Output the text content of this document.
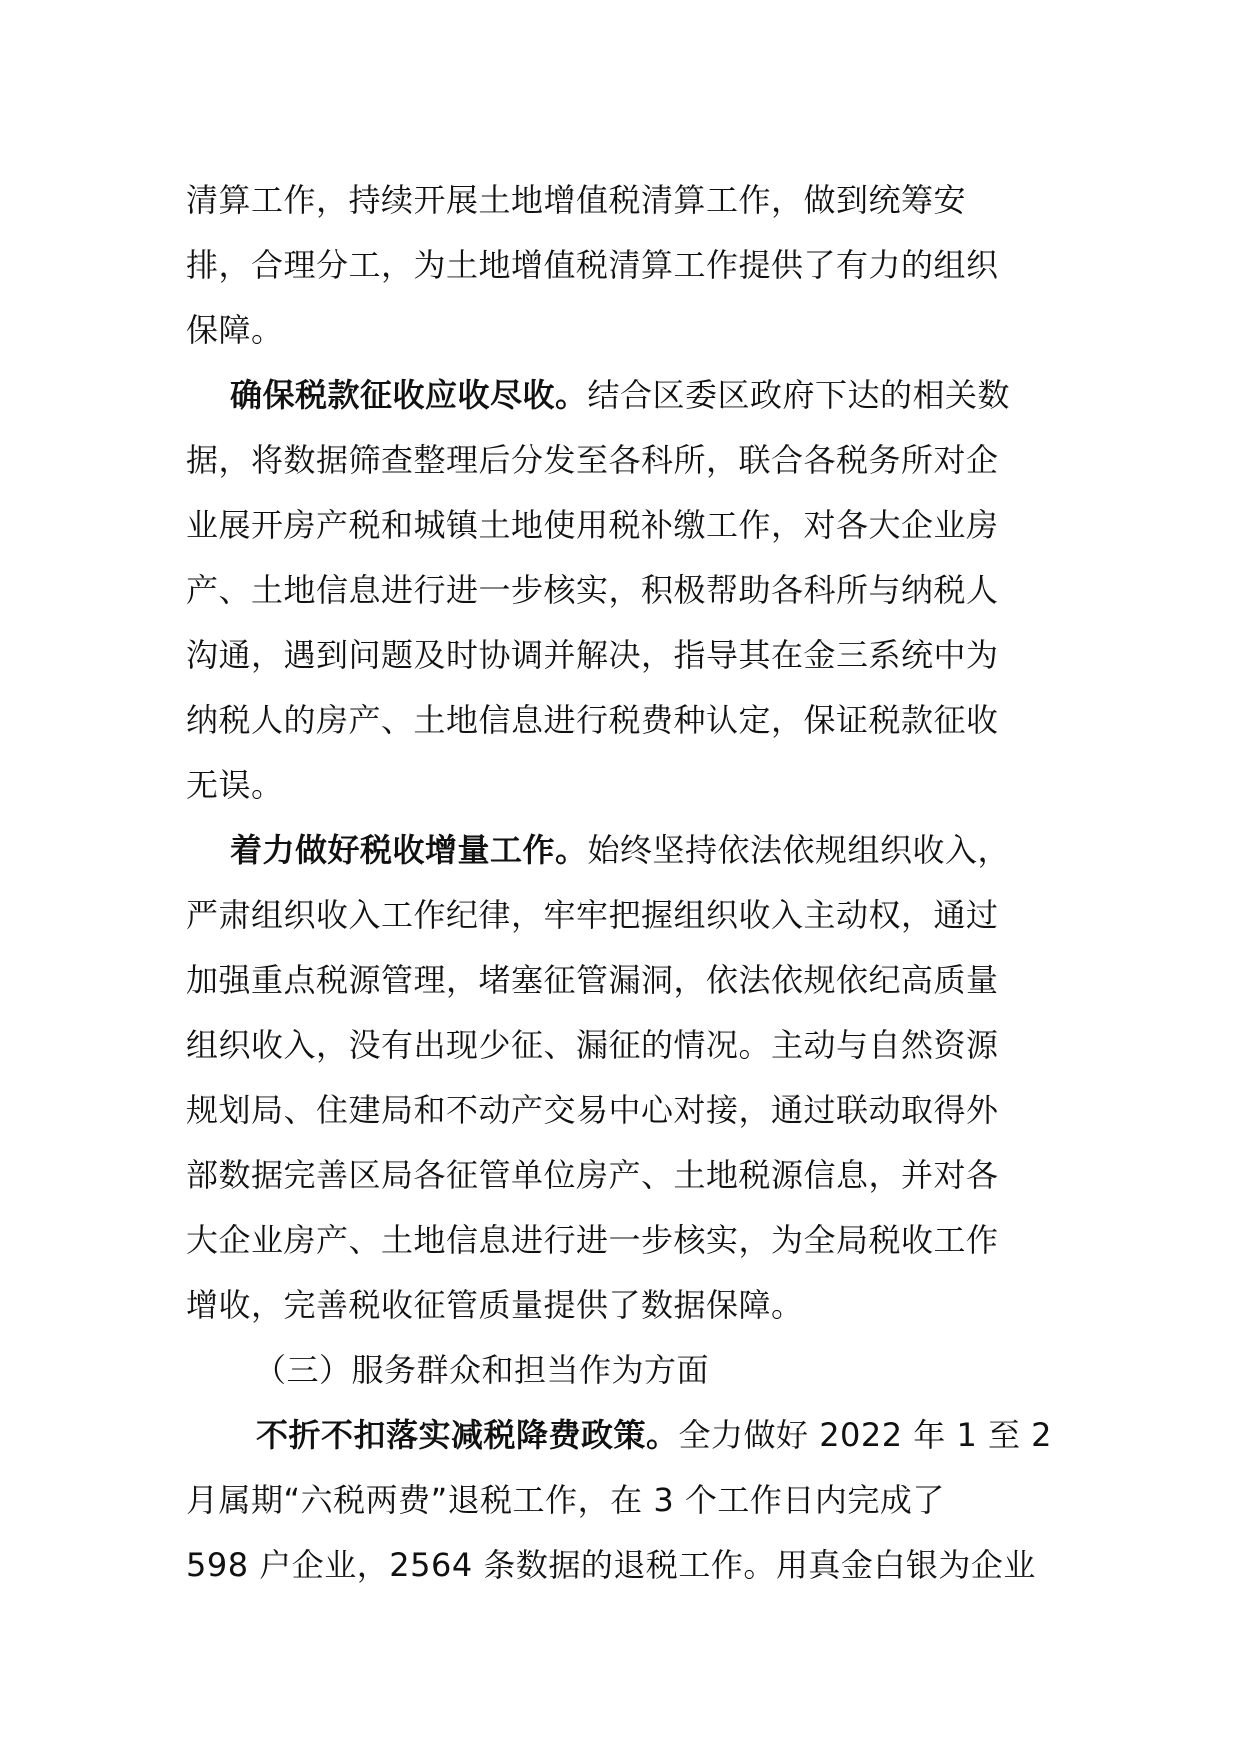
清算工作，持续开展土地增值税清算工作，做到统筹安
排，合理分工，为土地增值税清算工作提供了有力的组织
保障。
确保税款征收应收尽收。结合区委区政府下达的相关数
据，将数据筛查整理后分发至各科所，联合各税务所对企
业展开房产税和城镇土地使用税补缴工作，对各大企业房
产、土地信息进行进一步核实，积极帮助各科所与纳税人
沟通，遇到问题及时协调并解决，指导其在金三系统中为
纳税人的房产、土地信息进行税费种认定，保证税款征收
无误。
着力做好税收增量工作。始终坚持依法依规组织收入，
严肃组织收入工作纪律，牢牢把握组织收入主动权，通过
加强重点税源管理，堵塞征管漏洞，依法依规依纪高质量
组织收入，没有出现少征、漏征的情况。主动与自然资源
规划局、住建局和不动产交易中心对接，通过联动取得外
部数据完善区局各征管单位房产、土地税源信息，并对各
大企业房产、土地信息进行进一步核实，为全局税收工作
增收，完善税收征管质量提供了数据保障。
（三）服务群众和担当作为方面
不折不扣落实减税降费政策。全力做好 2022 年 1 至 2
月属期“六税两费”退税工作，在 3 个工作日内完成了
598 户企业，2564 条数据的退税工作。用真金白银为企业
